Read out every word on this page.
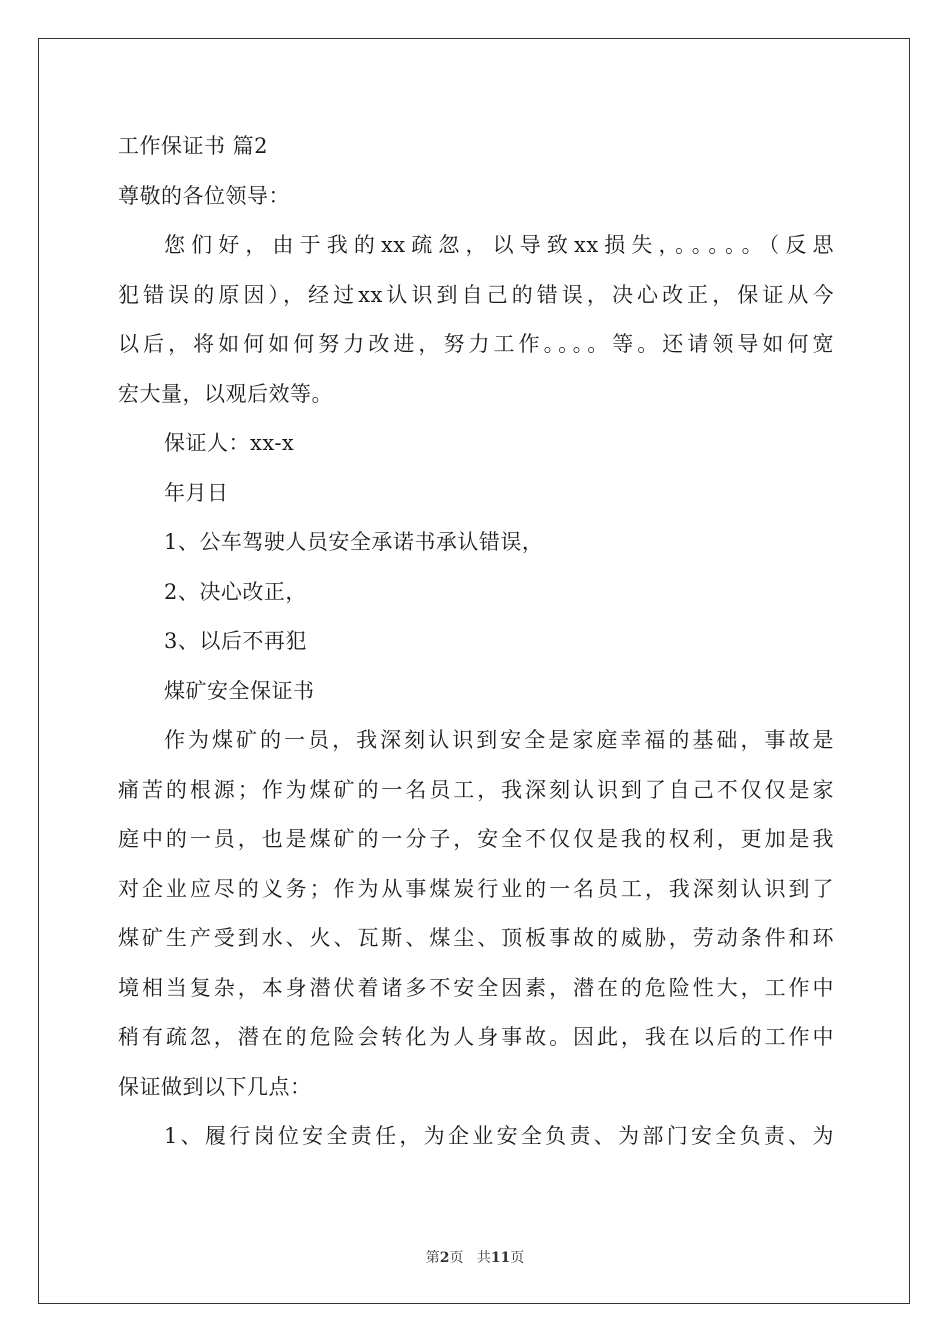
工作保证书 篇2
尊敬的各位领导：
您们好，由于我的xx疏忽，以导致xx损失，。。。。。（反思
犯错误的原因），经过xx认识到自己的错误，决心改正，保证从今
以后，将如何如何努力改进，努力工作。。。。等。还请领导如何宽
宏大量，以观后效等。
保证人：xx-x
年月日
1、公车驾驶人员安全承诺书承认错误，
2、决心改正，
3、以后不再犯
煤矿安全保证书
作为煤矿的一员，我深刻认识到安全是家庭幸福的基础，事故是
痛苦的根源；作为煤矿的一名员工，我深刻认识到了自己不仅仅是家
庭中的一员，也是煤矿的一分子，安全不仅仅是我的权利，更加是我
对企业应尽的义务；作为从事煤炭行业的一名员工，我深刻认识到了
煤矿生产受到水、火、瓦斯、煤尘、顶板事故的威胁，劳动条件和环
境相当复杂，本身潜伏着诸多不安全因素，潜在的危险性大，工作中
稍有疏忽，潜在的危险会转化为人身事故。因此，我在以后的工作中
保证做到以下几点：
1、履行岗位安全责任，为企业安全负责、为部门安全负责、为
第2页 共11页
